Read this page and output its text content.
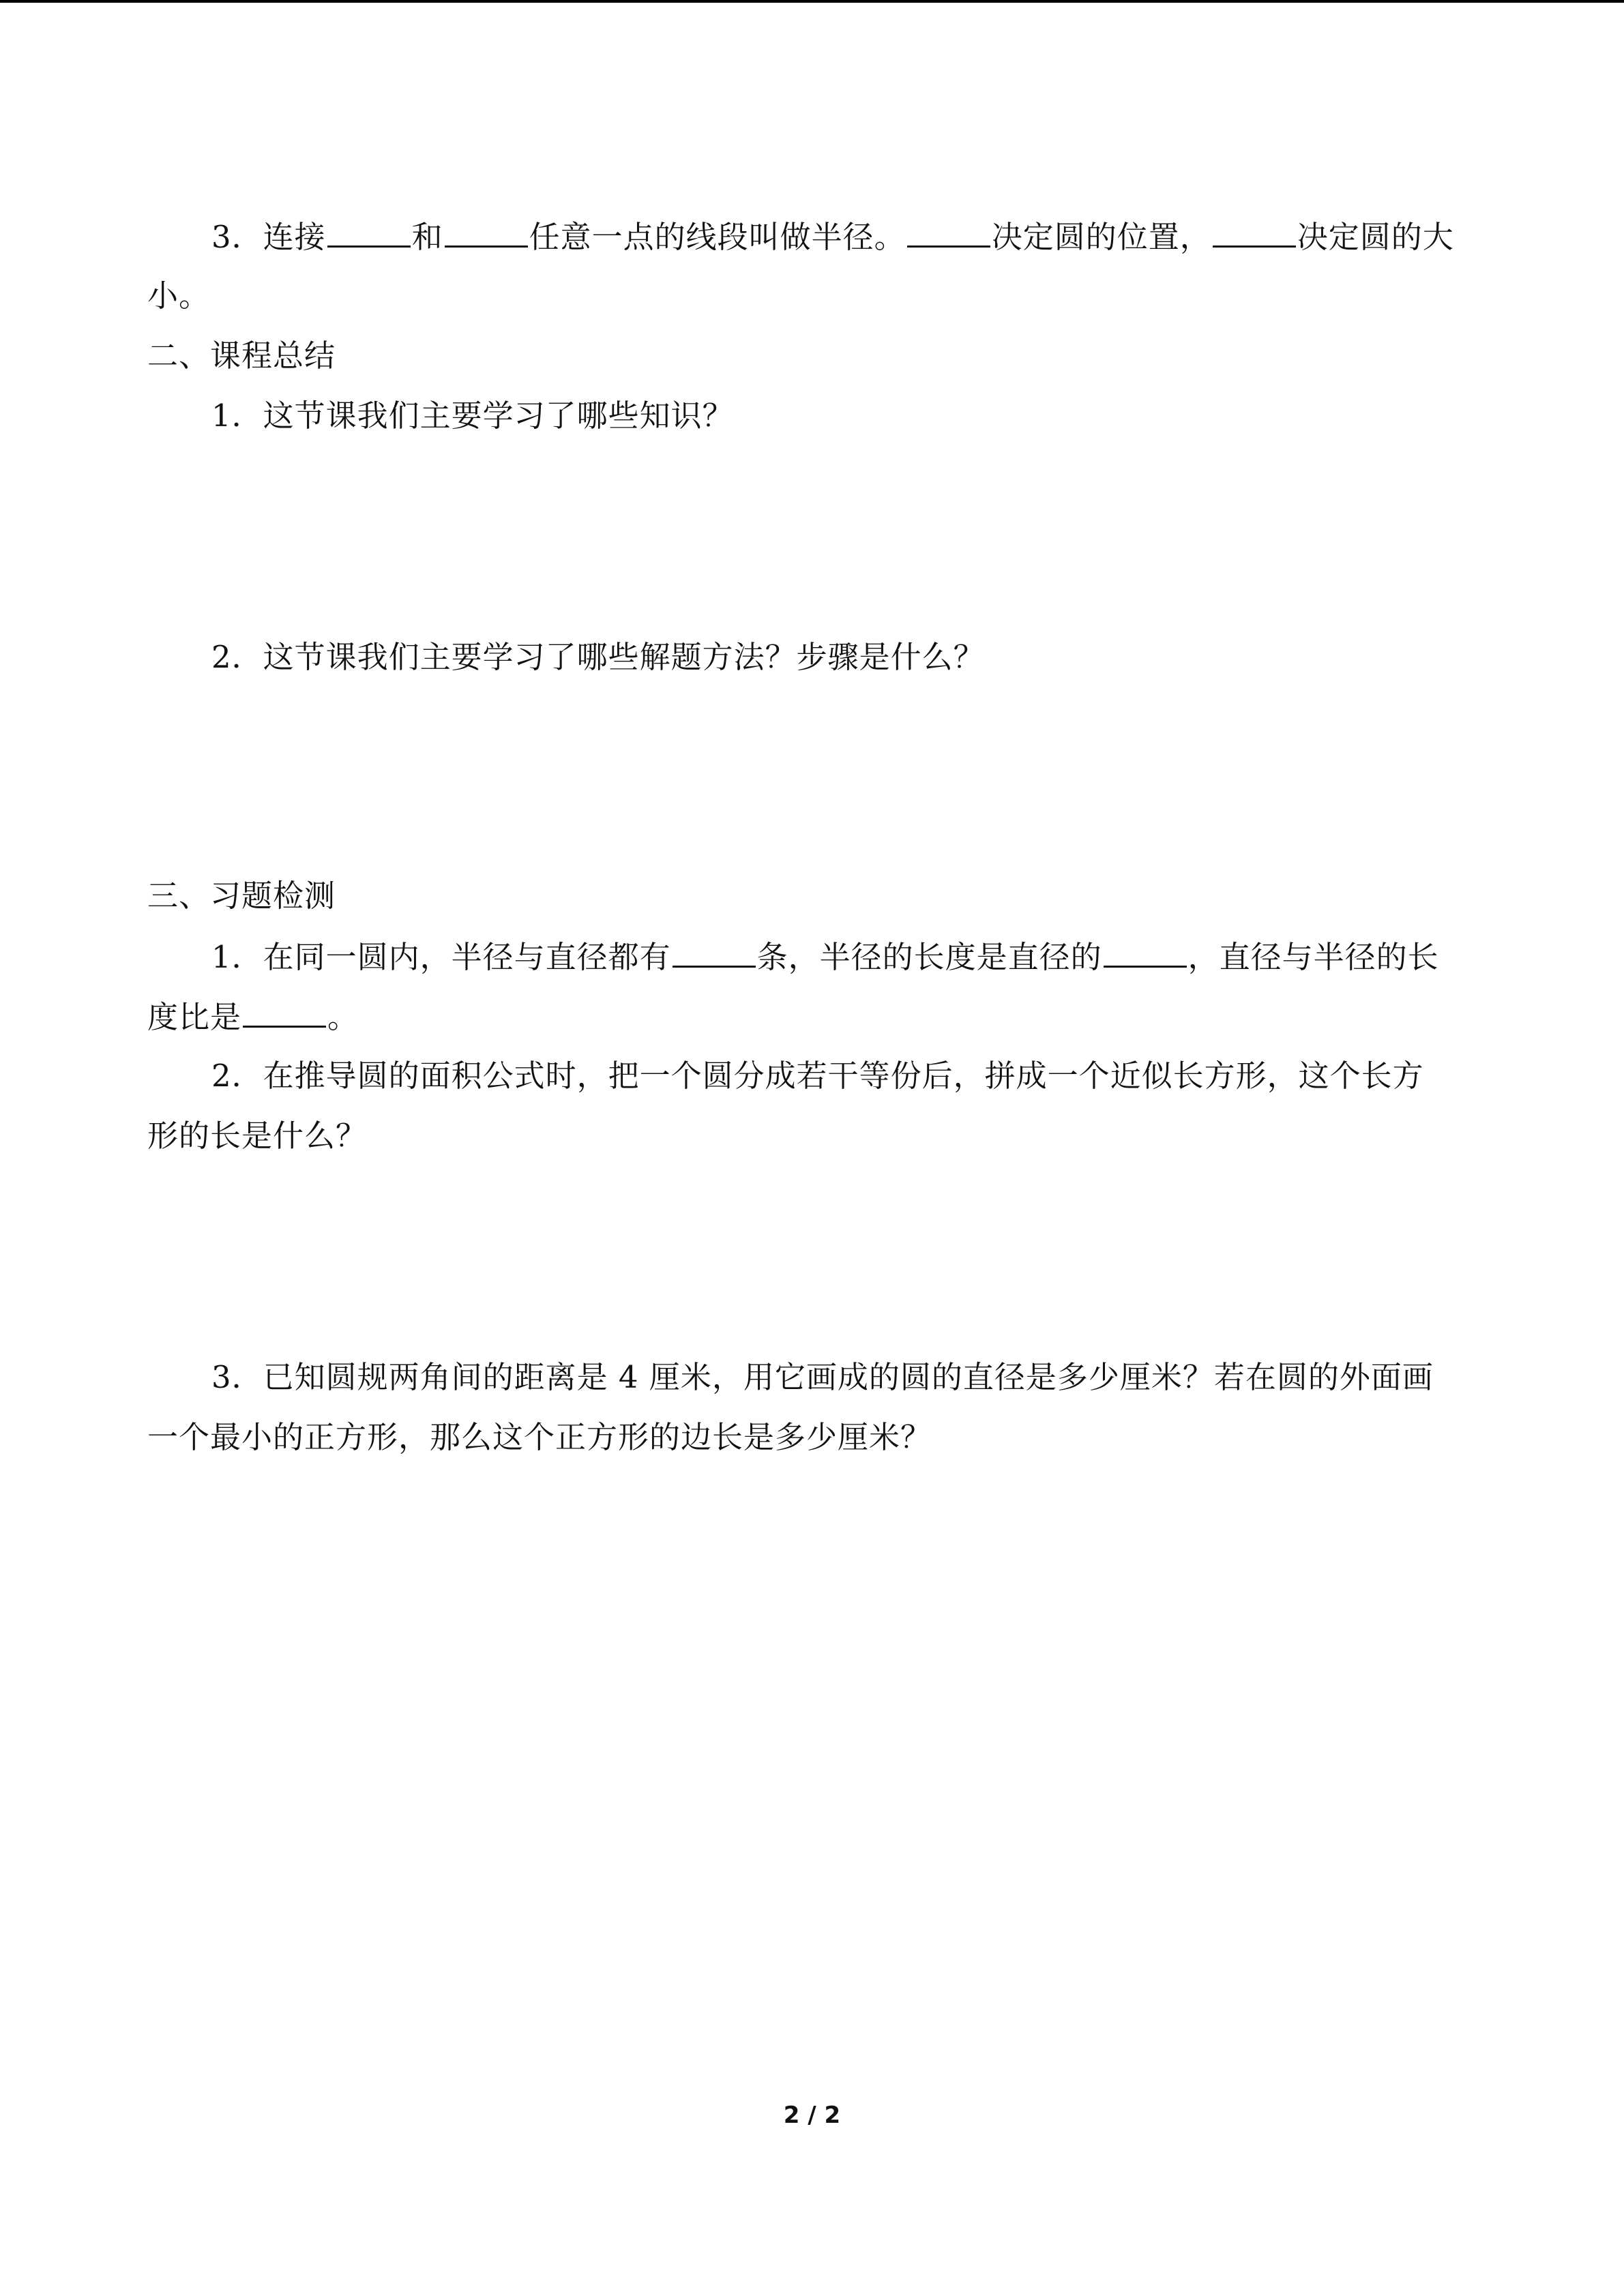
3．连接	和	任意一点的线段叫做半径。	决定圆的位置，	决定圆的大
小。
二、课程总结
1．这节课我们主要学习了哪些知识？
2．这节课我们主要学习了哪些解题方法？步骤是什么？
三、习题检测
1．在同一圆内，半径与直径都有	条，半径的长度是直径的	，直径与半径的长
度比是	。
2．在推导圆的面积公式时，把一个圆分成若干等份后，拼成一个近似长方形，这个长方
形的长是什么？
3．已知圆规两角间的距离是 4 厘米，用它画成的圆的直径是多少厘米？若在圆的外面画
一个最小的正方形，那么这个正方形的边长是多少厘米？
2 / 2
